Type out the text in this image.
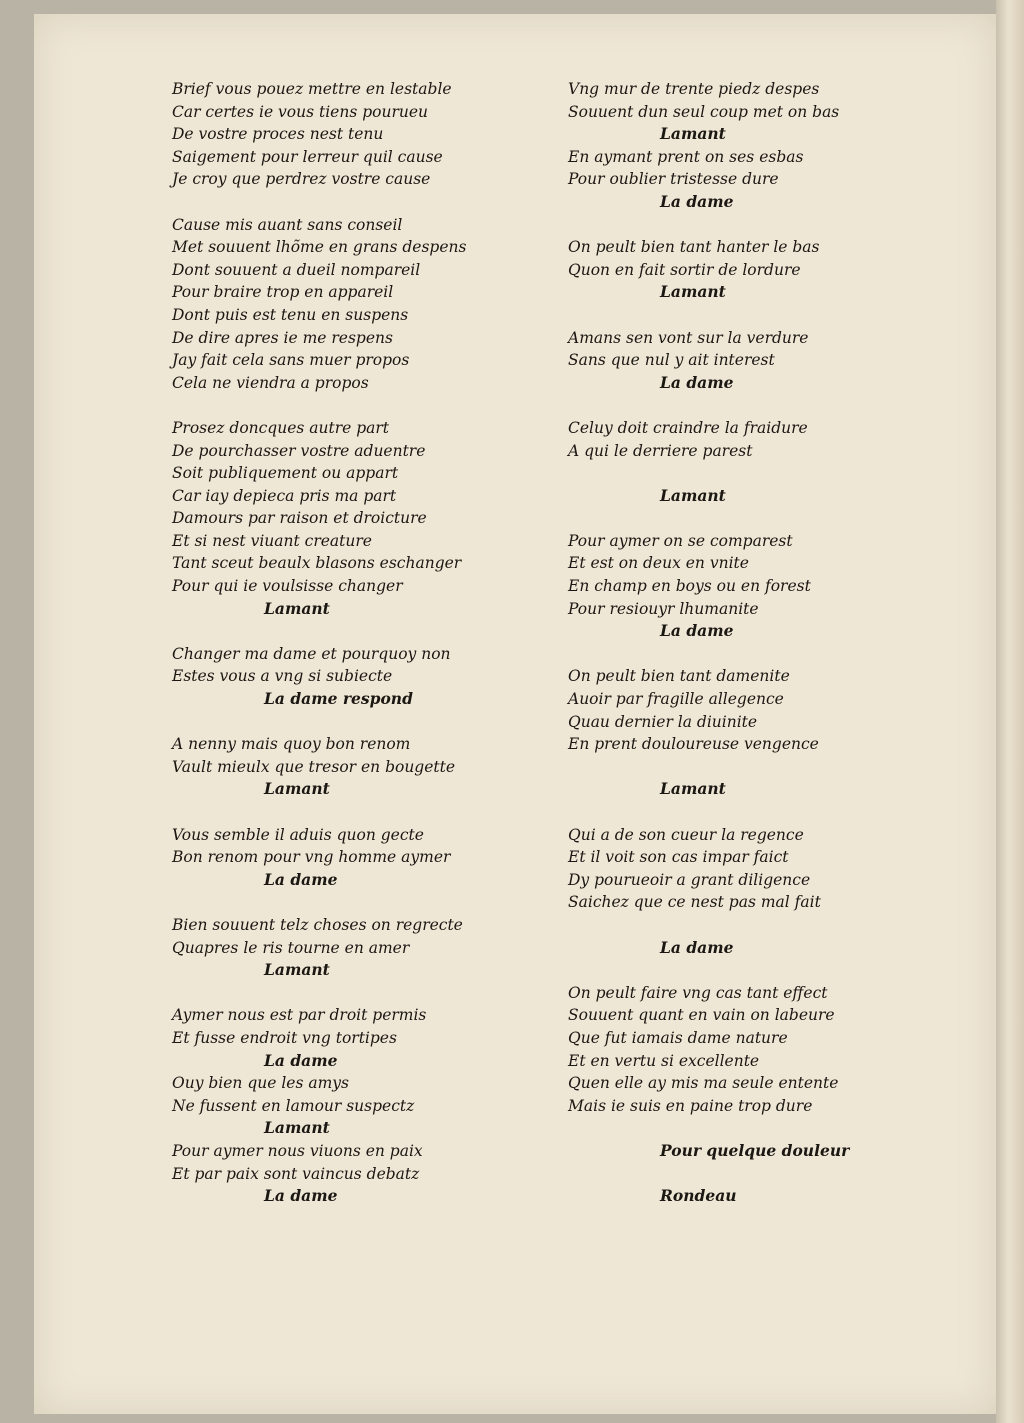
Brief vous pouez mettre en lestable
Car certes ie vous tiens pourueu
De vostre proces nest tenu
Saigement pour lerreur quil cause
Je croy que perdrez vostre cause
Cause mis auant sans conseil
Met souuent lhõme en grans despens
Dont souuent a dueil nompareil
Pour braire trop en appareil
Dont puis est tenu en suspens
De dire apres ie me respens
Jay fait cela sans muer propos
Cela ne viendra a propos
Prosez doncques autre part
De pourchasser vostre aduentre
Soit publiquement ou appart
Car iay depieca pris ma part
Damours par raison et droicture
Et si nest viuant creature
Tant sceut beaulx blasons eschanger
Pour qui ie voulsisse changer
Lamant
Changer ma dame et pourquoy non
Estes vous a vng si subiecte
La dame respond
A nenny mais quoy bon renom
Vault mieulx que tresor en bougette
Lamant
Vous semble il aduis quon gecte
Bon renom pour vng homme aymer
La dame
Bien souuent telz choses on regrecte
Quapres le ris tourne en amer
Lamant
Aymer nous est par droit permis
Et fusse endroit vng tortipes
La dame
Ouy bien que les amys
Ne fussent en lamour suspectz
Lamant
Pour aymer nous viuons en paix
Et par paix sont vaincus debatz
La dame
Vng mur de trente piedz despes
Souuent dun seul coup met on bas
Lamant
En aymant prent on ses esbas
Pour oublier tristesse dure
La dame
On peult bien tant hanter le bas
Quon en fait sortir de lordure
Lamant
Amans sen vont sur la verdure
Sans que nul y ait interest
La dame
Celuy doit craindre la fraidure
A qui le derriere parest
Lamant
Pour aymer on se comparest
Et est on deux en vnite
En champ en boys ou en forest
Pour resiouyr lhumanite
La dame
On peult bien tant damenite
Auoir par fragille allegence
Quau dernier la diuinite
En prent douloureuse vengence
Lamant
Qui a de son cueur la regence
Et il voit son cas impar faict
Dy pourueoir a grant diligence
Saichez que ce nest pas mal fait
La dame
On peult faire vng cas tant effect
Souuent quant en vain on labeure
Que fut iamais dame nature
Et en vertu si excellente
Quen elle ay mis ma seule entente
Mais ie suis en paine trop dure
Pour quelque douleur
Rondeau
